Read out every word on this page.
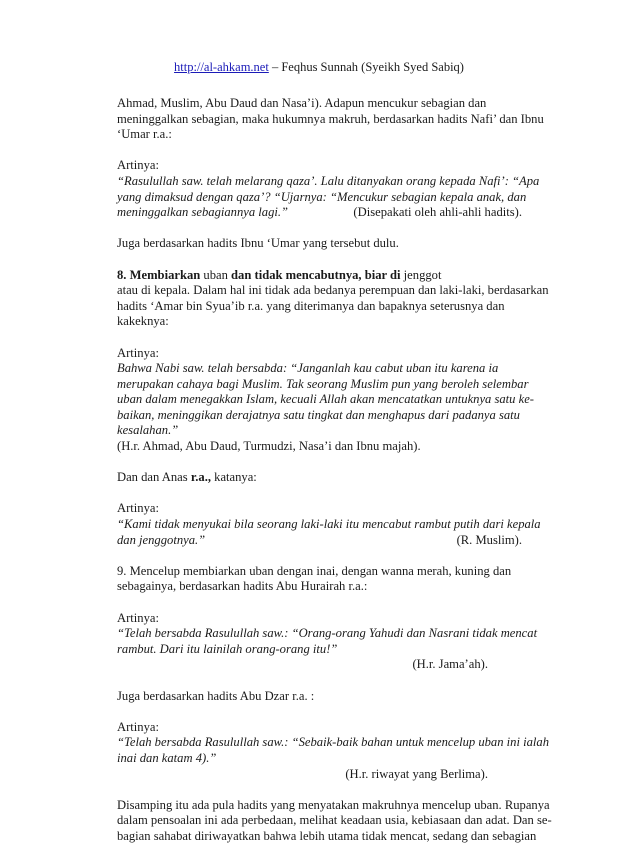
http://al-ahkam.net – Feqhus Sunnah (Syeikh Syed Sabiq)

Ahmad, Muslim, Abu Daud dan Nasa’i). Adapun mencukur sebagian dan

meninggalkan sebagian, maka hukumnya makruh, berdasarkan hadits Nafi’ dan Ibnu

‘Umar r.a.:

Artinya:

“Rasulullah saw. telah melarang qaza’. Lalu ditanyakan orang kepada Nafi’: “Apa

yang dimaksud dengan qaza’? “Ujarnya: “Mencukur sebagian kepala anak, dan

meninggalkan sebagiannya lagi.”	(Disepakati oleh ahli-ahli hadits).

Juga berdasarkan hadits Ibnu ‘Umar yang tersebut dulu.

8. Membiarkan uban dan tidak mencabutnya, biar di jenggot

atau di kepala. Dalam hal ini tidak ada bedanya perempuan dan laki-laki, berdasarkan

hadits ‘Amar bin Syua’ib r.a. yang diterimanya dan bapaknya seterusnya dan

kakeknya:

Artinya:

Bahwa Nabi saw. telah bersabda: “Janganlah kau cabut uban itu karena ia

merupakan cahaya bagi Muslim. Tak seorang Muslim pun yang beroleh selembar

uban dalam menegakkan Islam, kecuali Allah akan mencatatkan untuknya satu ke-

baikan, meninggikan derajatnya satu tingkat dan menghapus dari padanya satu

kesalahan.”

(H.r. Ahmad, Abu Daud, Turmudzi, Nasa’i dan Ibnu majah).

Dan dan Anas r.a., katanya:

Artinya:

“Kami tidak menyukai bila seorang laki-laki itu mencabut rambut putih dari kepala

dan jenggotnya.”	(R. Muslim).

9. Mencelup membiarkan uban dengan inai, dengan wanna merah, kuning dan

sebagainya, berdasarkan hadits Abu Hurairah r.a.:

Artinya:

“Telah bersabda Rasulullah saw.: “Orang-orang Yahudi dan Nasrani tidak mencat

rambut. Dari itu lainilah orang-orang itu!”

(H.r. Jama’ah).

Juga berdasarkan hadits Abu Dzar r.a. :

Artinya:

“Telah bersabda Rasulullah saw.: “Sebaik-baik bahan untuk mencelup uban ini ialah

inai dan katam 4).”

(H.r. riwayat yang Berlima).

Disamping itu ada pula hadits yang menyatakan makruhnya mencelup uban. Rupanya

dalam pensoalan ini ada perbedaan, melihat keadaan usia, kebiasaan dan adat. Dan se-

bagian sahabat diriwayatkan bahwa lebih utama tidak mencat, sedang dan sebagian
